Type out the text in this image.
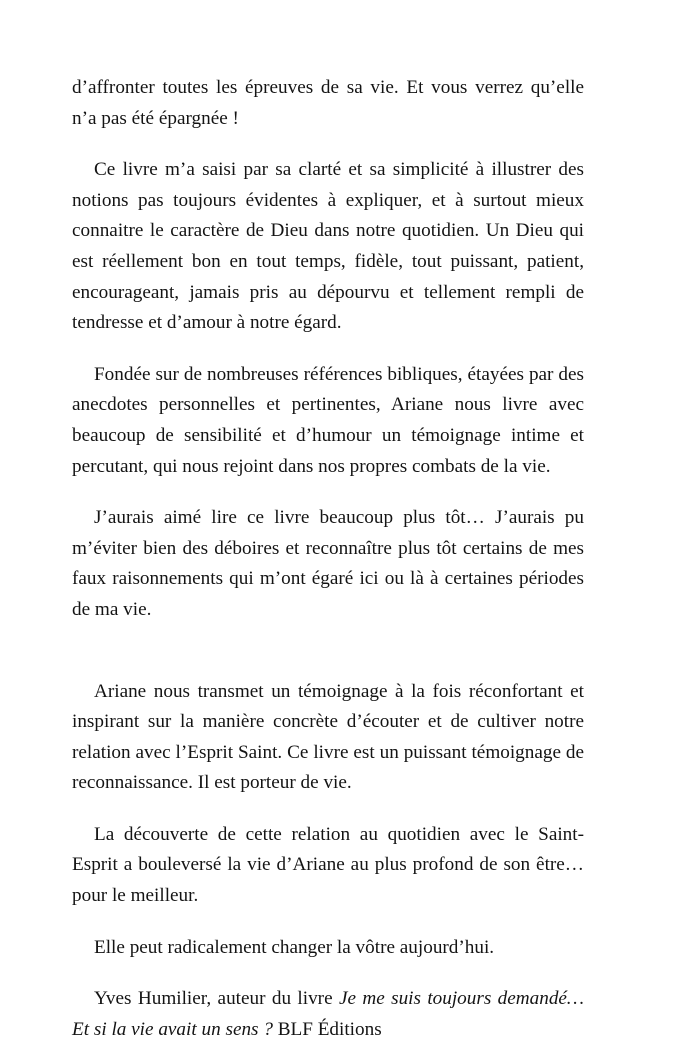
d’affronter toutes les épreuves de sa vie. Et vous verrez qu’elle n’a pas été épargnée !

Ce livre m’a saisi par sa clarté et sa simplicité à illustrer des notions pas toujours évidentes à expliquer, et à surtout mieux connaitre le caractère de Dieu dans notre quotidien. Un Dieu qui est réellement bon en tout temps, fidèle, tout puissant, patient, encourageant, jamais pris au dépourvu et tellement rempli de tendresse et d’amour à notre égard.

Fondée sur de nombreuses références bibliques, étayées par des anecdotes personnelles et pertinentes, Ariane nous livre avec beaucoup de sensibilité et d’humour un témoignage intime et percutant, qui nous rejoint dans nos propres combats de la vie.

J’aurais aimé lire ce livre beaucoup plus tôt… J’aurais pu m’éviter bien des déboires et reconnaître plus tôt certains de mes faux raisonnements qui m’ont égaré ici ou là à certaines périodes de ma vie.

Ariane nous transmet un témoignage à la fois réconfortant et inspirant sur la manière concrète d’écouter et de cultiver notre relation avec l’Esprit Saint. Ce livre est un puissant témoignage de reconnaissance. Il est porteur de vie.

La découverte de cette relation au quotidien avec le Saint-Esprit a bouleversé la vie d’Ariane au plus profond de son être… pour le meilleur.

Elle peut radicalement changer la vôtre aujourd’hui.

Yves Humilier, auteur du livre Je me suis toujours demandé… Et si la vie avait un sens ? BLF Éditions
